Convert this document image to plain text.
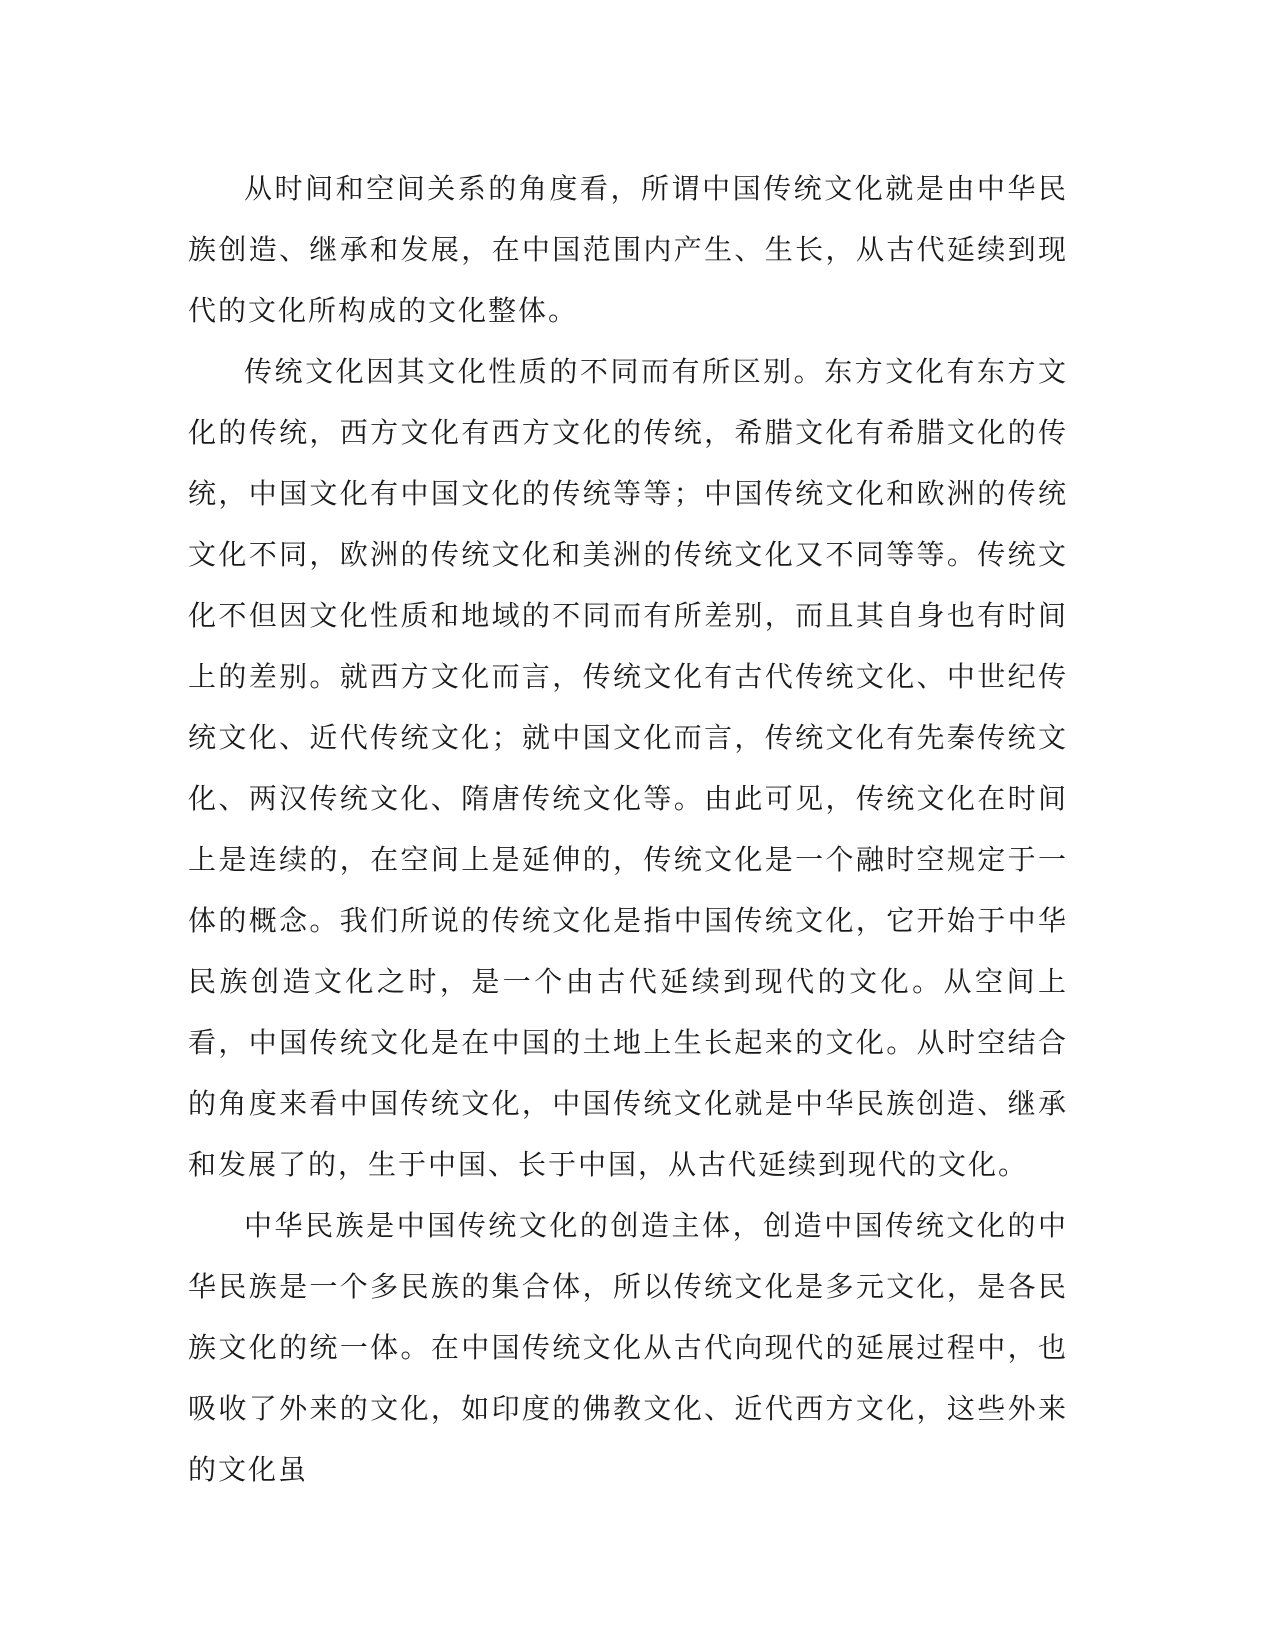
从时间和空间关系的角度看，所谓中国传统文化就是由中华民族创造、继承和发展，在中国范围内产生、生长，从古代延续到现代的文化所构成的文化整体。

传统文化因其文化性质的不同而有所区别。东方文化有东方文化的传统，西方文化有西方文化的传统，希腊文化有希腊文化的传统，中国文化有中国文化的传统等等；中国传统文化和欧洲的传统文化不同，欧洲的传统文化和美洲的传统文化又不同等等。传统文化不但因文化性质和地域的不同而有所差别，而且其自身也有时间上的差别。就西方文化而言，传统文化有古代传统文化、中世纪传统文化、近代传统文化；就中国文化而言，传统文化有先秦传统文化、两汉传统文化、隋唐传统文化等。由此可见，传统文化在时间上是连续的，在空间上是延伸的，传统文化是一个融时空规定于一体的概念。我们所说的传统文化是指中国传统文化，它开始于中华民族创造文化之时，是一个由古代延续到现代的文化。从空间上看，中国传统文化是在中国的土地上生长起来的文化。从时空结合的角度来看中国传统文化，中国传统文化就是中华民族创造、继承和发展了的，生于中国、长于中国，从古代延续到现代的文化。

中华民族是中国传统文化的创造主体，创造中国传统文化的中华民族是一个多民族的集合体，所以传统文化是多元文化，是各民族文化的统一体。在中国传统文化从古代向现代的延展过程中，也吸收了外来的文化，如印度的佛教文化、近代西方文化，这些外来的文化虽
